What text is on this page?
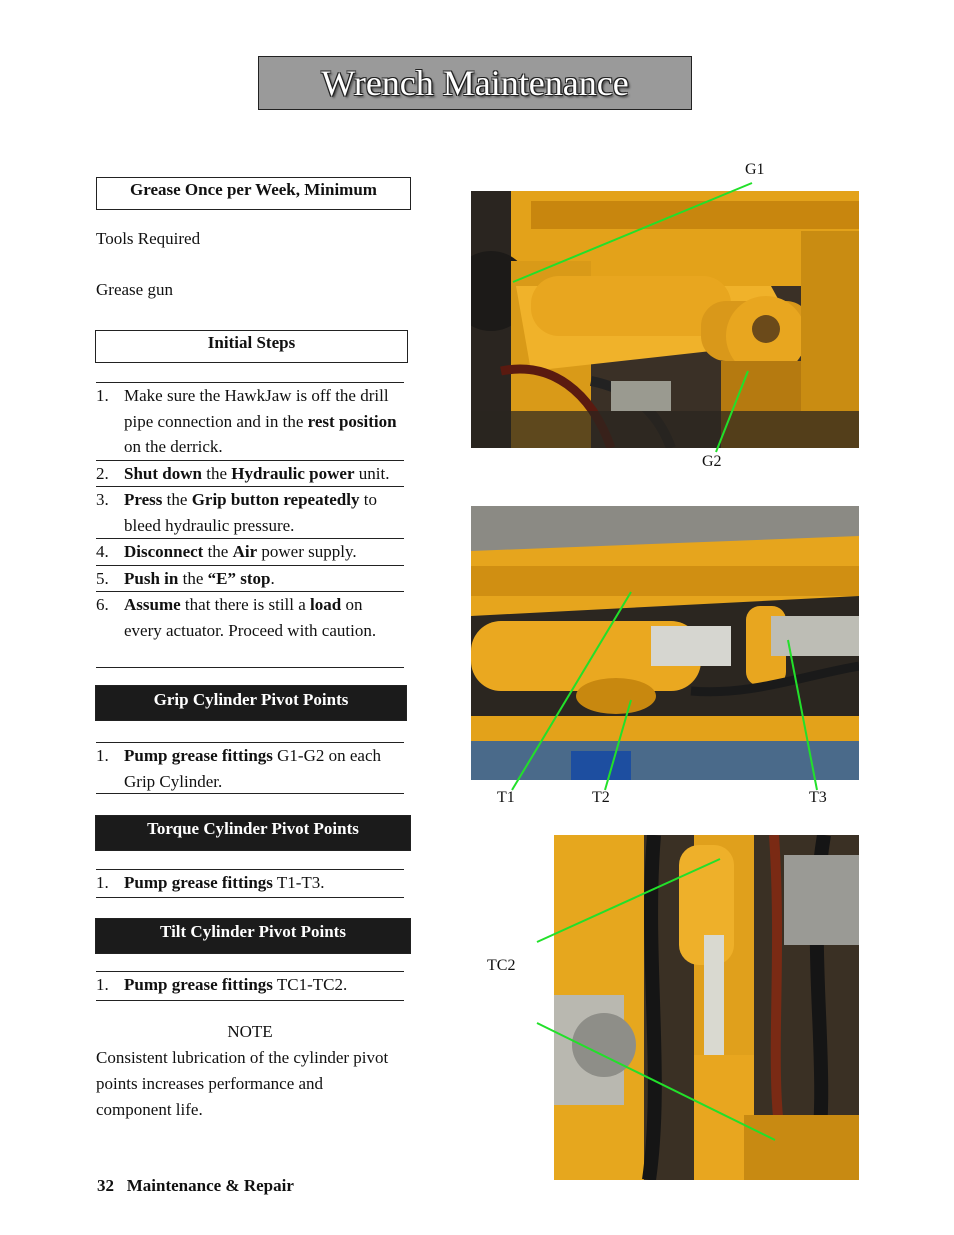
Wrench Maintenance
Grease Once per Week, Minimum
Tools Required
Grease gun
Initial Steps
1. Make sure the HawkJaw is off the drill pipe connection and in the rest position on the derrick.
2. Shut down the Hydraulic power unit.
3. Press the Grip button repeatedly to bleed hydraulic pressure.
4. Disconnect the Air power supply.
5. Push in the “E” stop.
6. Assume that there is still a load on every actuator. Proceed with caution.
Grip Cylinder Pivot Points
1. Pump grease fittings G1-G2 on each Grip Cylinder.
Torque Cylinder Pivot Points
1. Pump grease fittings T1-T3.
Tilt Cylinder Pivot Points
1. Pump grease fittings TC1-TC2.
NOTE
Consistent lubrication of the cylinder pivot points increases performance and component life.
G1
G2
T1	T2	T3
TC2
32 Maintenance & Repair
